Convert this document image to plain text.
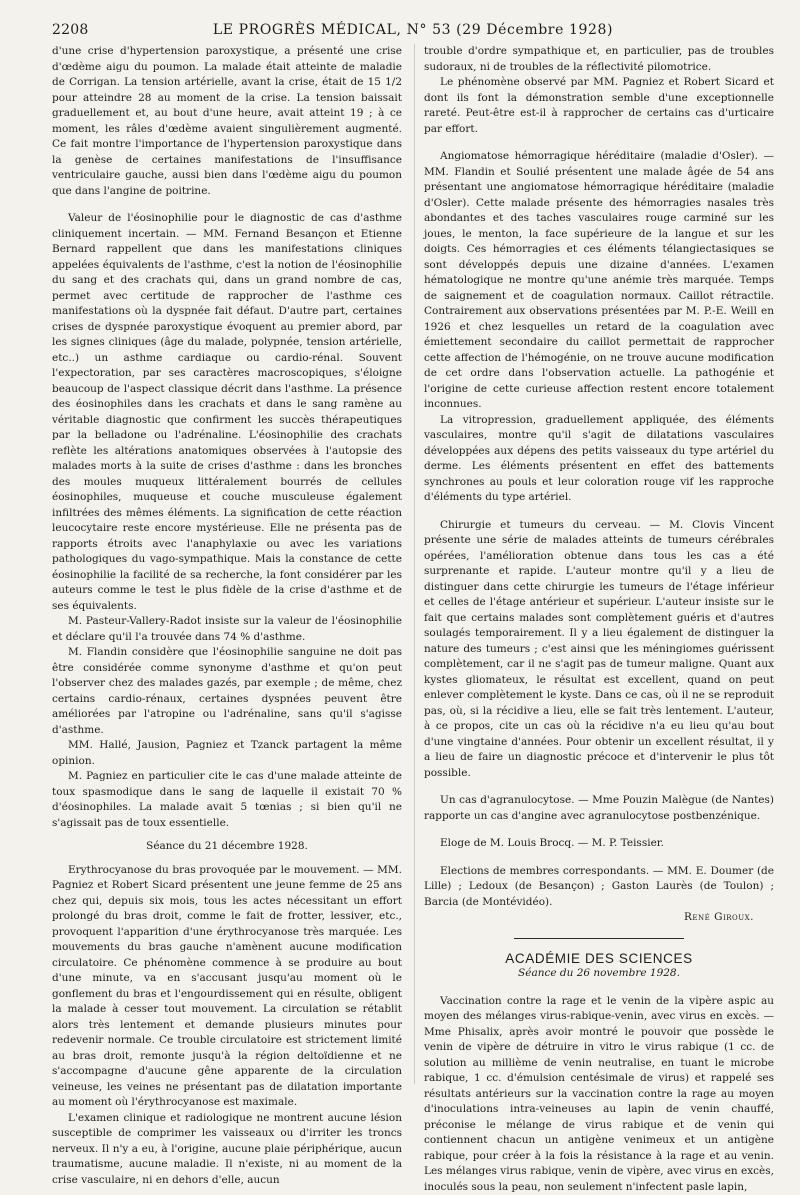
2208	LE PROGRÈS MÉDICAL, N° 53 (29 Décembre 1928)

d'une crise d'hypertension paroxystique, a présenté une crise d'œdème aigu du poumon. La malade était atteinte de maladie de Corrigan. La tension artérielle, avant la crise, était de 15 1/2 pour atteindre 28 au moment de la crise. La tension baissait graduellement et, au bout d'une heure, avait atteint 19 ; à ce moment, les râles d'œdème avaient singulièrement augmenté. Ce fait montre l'importance de l'hypertension paroxystique dans la genèse de certaines manifestations de l'insuffisance ventriculaire gauche, aussi bien dans l'œdème aigu du poumon que dans l'angine de poitrine.

Valeur de l'éosinophilie pour le diagnostic de cas d'asthme cliniquement incertain. — MM. Fernand Besançon et Etienne Bernard rappellent que dans les manifestations cliniques appelées équivalents de l'asthme, c'est la notion de l'éosinophilie du sang et des crachats qui, dans un grand nombre de cas, permet avec certitude de rapprocher de l'asthme ces manifestations où la dyspnée fait défaut. D'autre part, certaines crises de dyspnée paroxystique évoquent au premier abord, par les signes cliniques (âge du malade, polypnée, tension artérielle, etc..) un asthme cardiaque ou cardio-rénal. Souvent l'expectoration, par ses caractères macroscopiques, s'éloigne beaucoup de l'aspect classique décrit dans l'asthme. La présence des éosinophiles dans les crachats et dans le sang ramène au véritable diagnostic que confirment les succès thérapeutiques par la belladone ou l'adrénaline. L'éosinophilie des crachats reflète les altérations anatomiques observées à l'autopsie des malades morts à la suite de crises d'asthme : dans les bronches des moules muqueux littéralement bourrés de cellules éosinophiles, muqueuse et couche musculeuse également infiltrées des mêmes éléments. La signification de cette réaction leucocytaire reste encore mystérieuse. Elle ne présenta pas de rapports étroits avec l'anaphylaxie ou avec les variations pathologiques du vago-sympathique. Mais la constance de cette éosinophilie la facilité de sa recherche, la font considérer par les auteurs comme le test le plus fidèle de la crise d'asthme et de ses équivalents.

M. Pasteur-Vallery-Radot insiste sur la valeur de l'éosinophilie et déclare qu'il l'a trouvée dans 74 % d'asthme.

M. Flandin considère que l'éosinophilie sanguine ne doit pas être considérée comme synonyme d'asthme et qu'on peut l'observer chez des malades gazés, par exemple ; de même, chez certains cardio-rénaux, certaines dyspnées peuvent être améliorées par l'atropine ou l'adrénaline, sans qu'il s'agisse d'asthme.

MM. Hallé, Jausion, Pagniez et Tzanck partagent la même opinion.

M. Pagniez en particulier cite le cas d'une malade atteinte de toux spasmodique dans le sang de laquelle il existait 70 % d'éosinophiles. La malade avait 5 tœnias ; si bien qu'il ne s'agissait pas de toux essentielle.

Séance du 21 décembre 1928.

Erythrocyanose du bras provoquée par le mouvement. — MM. Pagniez et Robert Sicard présentent une jeune femme de 25 ans chez qui, depuis six mois, tous les actes nécessitant un effort prolongé du bras droit, comme le fait de frotter, lessiver, etc., provoquent l'apparition d'une érythrocyanose très marquée. Les mouvements du bras gauche n'amènent aucune modification circulatoire. Ce phénomène commence à se produire au bout d'une minute, va en s'accusant jusqu'au moment où le gonflement du bras et l'engourdissement qui en résulte, obligent la malade à cesser tout mouvement. La circulation se rétablit alors très lentement et demande plusieurs minutes pour redevenir normale. Ce trouble circulatoire est strictement limité au bras droit, remonte jusqu'à la région deltoïdienne et ne s'accompagne d'aucune gêne apparente de la circulation veineuse, les veines ne présentant pas de dilatation importante au moment où l'érythrocyanose est maximale.

L'examen clinique et radiologique ne montrent aucune lésion susceptible de comprimer les vaisseaux ou d'irriter les troncs nerveux. Il n'y a eu, à l'origine, aucune plaie périphérique, aucun traumatisme, aucune maladie. Il n'existe, ni au moment de la crise vasculaire, ni en dehors d'elle, aucun

trouble d'ordre sympathique et, en particulier, pas de troubles sudoraux, ni de troubles de la réflectivité pilomotrice.

Le phénomène observé par MM. Pagniez et Robert Sicard et dont ils font la démonstration semble d'une exceptionnelle rareté. Peut-être est-il à rapprocher de certains cas d'urticaire par effort.

Angiomatose hémorragique héréditaire (maladie d'Osler). — MM. Flandin et Soulié présentent une malade âgée de 54 ans présentant une angiomatose hémorragique héréditaire (maladie d'Osler). Cette malade présente des hémorragies nasales très abondantes et des taches vasculaires rouge carminé sur les joues, le menton, la face supérieure de la langue et sur les doigts. Ces hémorragies et ces éléments télangiectasiques se sont développés depuis une dizaine d'années. L'examen hématologique ne montre qu'une anémie très marquée. Temps de saignement et de coagulation normaux. Caillot rétractile. Contrairement aux observations présentées par M. P.-E. Weill en 1926 et chez lesquelles un retard de la coagulation avec émiettement secondaire du caillot permettait de rapprocher cette affection de l'hémogénie, on ne trouve aucune modification de cet ordre dans l'observation actuelle. La pathogénie et l'origine de cette curieuse affection restent encore totalement inconnues.

La vitropression, graduellement appliquée, des éléments vasculaires, montre qu'il s'agit de dilatations vasculaires développées aux dépens des petits vaisseaux du type artériel du derme. Les éléments présentent en effet des battements synchrones au pouls et leur coloration rouge vif les rapproche d'éléments du type artériel.

Chirurgie et tumeurs du cerveau. — M. Clovis Vincent présente une série de malades atteints de tumeurs cérébrales opérées, l'amélioration obtenue dans tous les cas a été surprenante et rapide. L'auteur montre qu'il y a lieu de distinguer dans cette chirurgie les tumeurs de l'étage inférieur et celles de l'étage antérieur et supérieur. L'auteur insiste sur le fait que certains malades sont complètement guéris et d'autres soulagés temporairement. Il y a lieu également de distinguer la nature des tumeurs ; c'est ainsi que les méningiomes guérissent complètement, car il ne s'agit pas de tumeur maligne. Quant aux kystes gliomateux, le résultat est excellent, quand on peut enlever complètement le kyste. Dans ce cas, où il ne se reproduit pas, où, si la récidive a lieu, elle se fait très lentement. L'auteur, à ce propos, cite un cas où la récidive n'a eu lieu qu'au bout d'une vingtaine d'années. Pour obtenir un excellent résultat, il y a lieu de faire un diagnostic précoce et d'intervenir le plus tôt possible.

Un cas d'agranulocytose. — Mme Pouzin Malègue (de Nantes) rapporte un cas d'angine avec agranulocytose postbenzénique.

Eloge de M. Louis Brocq. — M. P. Teissier.

Elections de membres correspondants. — MM. E. Doumer (de Lille) ; Ledoux (de Besançon) ; Gaston Laurès (de Toulon) ; Barcia (de Montévidéo).

René Giroux.

ACADÉMIE DES SCIENCES

Séance du 26 novembre 1928.

Vaccination contre la rage et le venin de la vipère aspic au moyen des mélanges virus-rabique-venin, avec virus en excès. — Mme Phisalix, après avoir montré le pouvoir que possède le venin de vipère de détruire in vitro le virus rabique (1 cc. de solution au millième de venin neutralise, en tuant le microbe rabique, 1 cc. d'émulsion centésimale de virus) et rappelé ses résultats antérieurs sur la vaccination contre la rage au moyen d'inoculations intra-veineuses au lapin de venin chauffé, préconise le mélange de virus rabique et de venin qui contiennent chacun un antigène venimeux et un antigène rabique, pour créer à la fois la résistance à la rage et au venin. Les mélanges virus rabique, venin de vipère, avec virus en excès, inoculés sous la peau, non seulement n'infectent pasle lapin,
